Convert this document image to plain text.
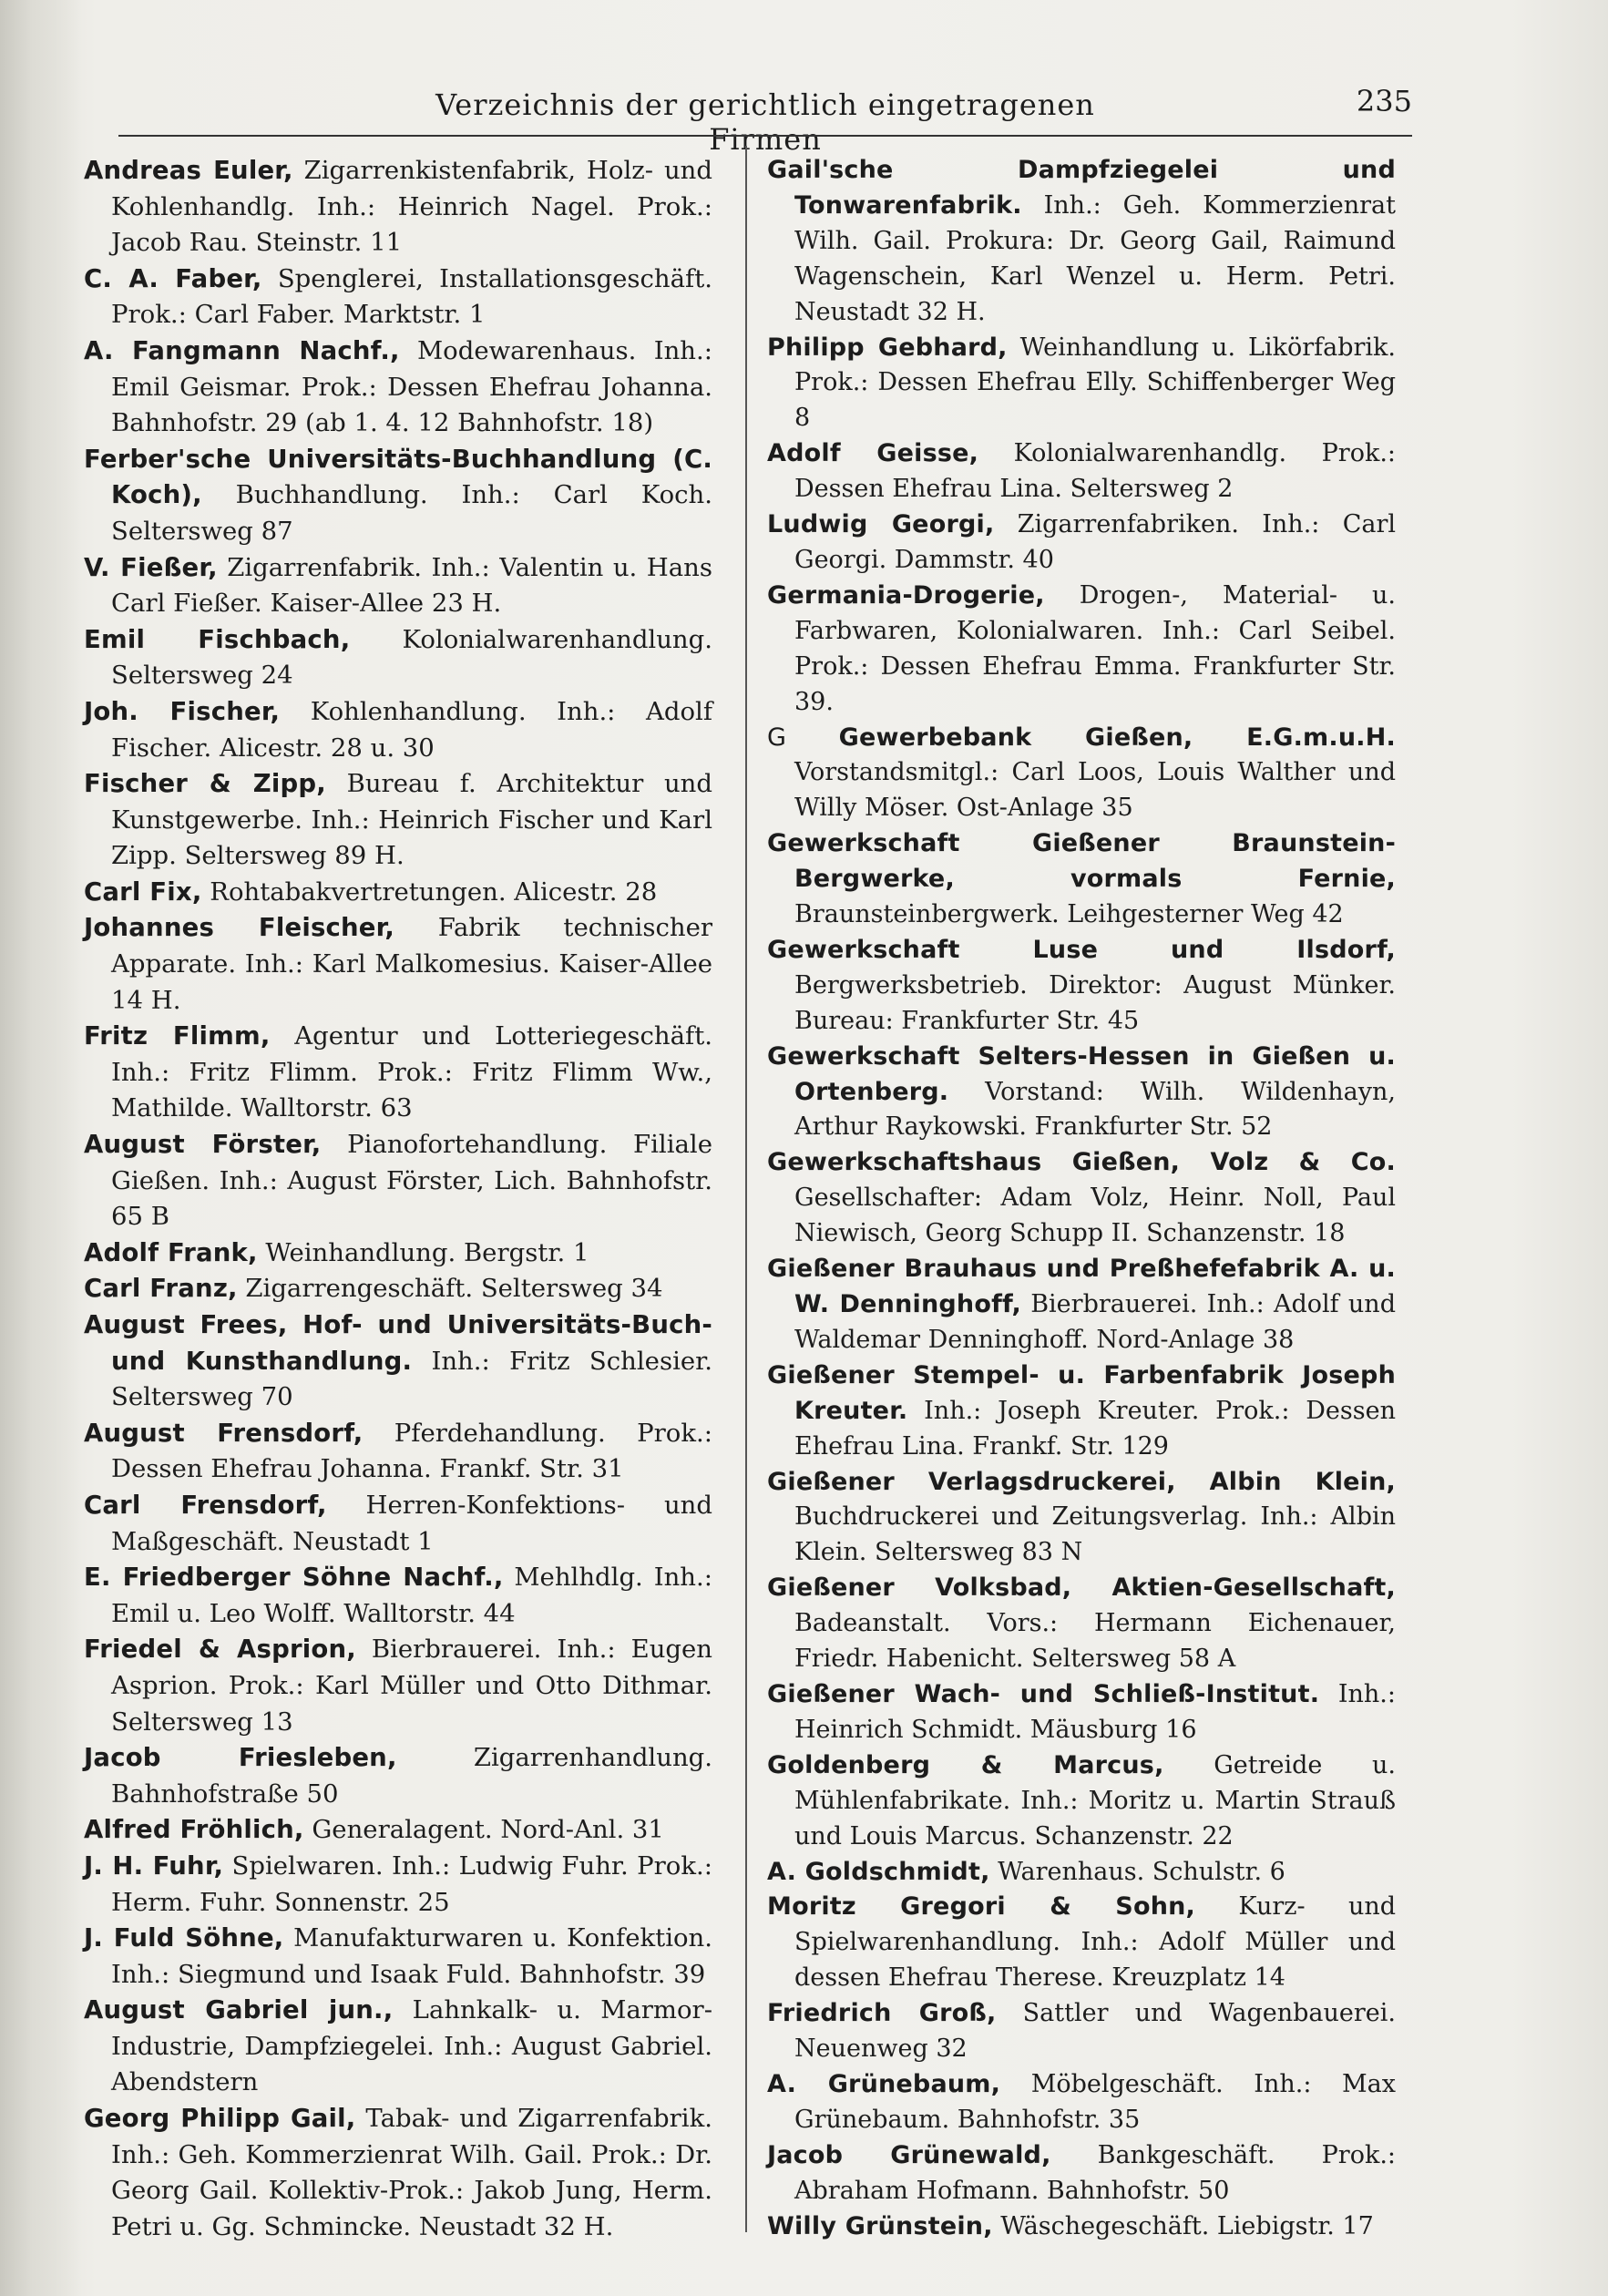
Verzeichnis der gerichtlich eingetragenen Firmen
235

Andreas Euler, Zigarrenkistenfabrik, Holz- und Kohlenhandlg. Inh.: Heinrich Nagel. Prok.: Jacob Rau. Steinstr. 11

C. A. Faber, Spenglerei, Installationsgeschäft. Prok.: Carl Faber. Marktstr. 1

A. Fangmann Nachf., Modewarenhaus. Inh.: Emil Geismar. Prok.: Dessen Ehefrau Johanna. Bahnhofstr. 29 (ab 1. 4. 12 Bahnhofstr. 18)

Ferber'sche Universitäts-Buchhandlung (C. Koch), Buchhandlung. Inh.: Carl Koch. Seltersweg 87

V. Fießer, Zigarrenfabrik. Inh.: Valentin u. Hans Carl Fießer. Kaiser-Allee 23 H.

Emil Fischbach, Kolonialwarenhandlung. Seltersweg 24

Joh. Fischer, Kohlenhandlung. Inh.: Adolf Fischer. Alicestr. 28 u. 30

Fischer & Zipp, Bureau f. Architektur und Kunstgewerbe. Inh.: Heinrich Fischer und Karl Zipp. Seltersweg 89 H.

Carl Fix, Rohtabakvertretungen. Alicestr. 28

Johannes Fleischer, Fabrik technischer Apparate. Inh.: Karl Malkomesius. Kaiser-Allee 14 H.

Fritz Flimm, Agentur und Lotteriegeschäft. Inh.: Fritz Flimm. Prok.: Fritz Flimm Ww., Mathilde. Walltorstr. 63

August Förster, Pianofortehandlung. Filiale Gießen. Inh.: August Förster, Lich. Bahnhofstr. 65 B

Adolf Frank, Weinhandlung. Bergstr. 1

Carl Franz, Zigarrengeschäft. Seltersweg 34

August Frees, Hof- und Universitäts-Buch- und Kunsthandlung. Inh.: Fritz Schlesier. Seltersweg 70

August Frensdorf, Pferdehandlung. Prok.: Dessen Ehefrau Johanna. Frankf. Str. 31

Carl Frensdorf, Herren-Konfektions- und Maßgeschäft. Neustadt 1

E. Friedberger Söhne Nachf., Mehlhdlg. Inh.: Emil u. Leo Wolff. Walltorstr. 44

Friedel & Asprion, Bierbrauerei. Inh.: Eugen Asprion. Prok.: Karl Müller und Otto Dithmar. Seltersweg 13

Jacob Friesleben, Zigarrenhandlung. Bahnhofstraße 50

Alfred Fröhlich, Generalagent. Nord-Anl. 31

J. H. Fuhr, Spielwaren. Inh.: Ludwig Fuhr. Prok.: Herm. Fuhr. Sonnenstr. 25

J. Fuld Söhne, Manufakturwaren u. Konfektion. Inh.: Siegmund und Isaak Fuld. Bahnhofstr. 39

August Gabriel jun., Lahnkalk- u. Marmor-Industrie, Dampfziegelei. Inh.: August Gabriel. Abendstern

Georg Philipp Gail, Tabak- und Zigarrenfabrik. Inh.: Geh. Kommerzienrat Wilh. Gail. Prok.: Dr. Georg Gail. Kollektiv-Prok.: Jakob Jung, Herm. Petri u. Gg. Schmincke. Neustadt 32 H.

Gail'sche Dampfziegelei und Tonwarenfabrik. Inh.: Geh. Kommerzienrat Wilh. Gail. Prokura: Dr. Georg Gail, Raimund Wagenschein, Karl Wenzel u. Herm. Petri. Neustadt 32 H.

Philipp Gebhard, Weinhandlung u. Likörfabrik. Prok.: Dessen Ehefrau Elly. Schiffenberger Weg 8

Adolf Geisse, Kolonialwarenhandlg. Prok.: Dessen Ehefrau Lina. Seltersweg 2

Ludwig Georgi, Zigarrenfabriken. Inh.: Carl Georgi. Dammstr. 40

Germania-Drogerie, Drogen-, Material- u. Farbwaren, Kolonialwaren. Inh.: Carl Seibel. Prok.: Dessen Ehefrau Emma. Frankfurter Str. 39.

G Gewerbebank Gießen, E.G.m.u.H. Vorstandsmitgl.: Carl Loos, Louis Walther und Willy Möser. Ost-Anlage 35

Gewerkschaft Gießener Braunstein-Bergwerke, vormals Fernie, Braunsteinbergwerk. Leihgesterner Weg 42

Gewerkschaft Luse und Ilsdorf, Bergwerksbetrieb. Direktor: August Münker. Bureau: Frankfurter Str. 45

Gewerkschaft Selters-Hessen in Gießen u. Ortenberg. Vorstand: Wilh. Wildenhayn, Arthur Raykowski. Frankfurter Str. 52

Gewerkschaftshaus Gießen, Volz & Co. Gesellschafter: Adam Volz, Heinr. Noll, Paul Niewisch, Georg Schupp II. Schanzenstr. 18

Gießener Brauhaus und Preßhefefabrik A. u. W. Denninghoff, Bierbrauerei. Inh.: Adolf und Waldemar Denninghoff. Nord-Anlage 38

Gießener Stempel- u. Farbenfabrik Joseph Kreuter. Inh.: Joseph Kreuter. Prok.: Dessen Ehefrau Lina. Frankf. Str. 129

Gießener Verlagsdruckerei, Albin Klein, Buchdruckerei und Zeitungsverlag. Inh.: Albin Klein. Seltersweg 83 N

Gießener Volksbad, Aktien-Gesellschaft, Badeanstalt. Vors.: Hermann Eichenauer, Friedr. Habenicht. Seltersweg 58 A

Gießener Wach- und Schließ-Institut. Inh.: Heinrich Schmidt. Mäusburg 16

Goldenberg & Marcus, Getreide u. Mühlenfabrikate. Inh.: Moritz u. Martin Strauß und Louis Marcus. Schanzenstr. 22

A. Goldschmidt, Warenhaus. Schulstr. 6

Moritz Gregori & Sohn, Kurz- und Spielwarenhandlung. Inh.: Adolf Müller und dessen Ehefrau Therese. Kreuzplatz 14

Friedrich Groß, Sattler und Wagenbauerei. Neuenweg 32

A. Grünebaum, Möbelgeschäft. Inh.: Max Grünebaum. Bahnhofstr. 35

Jacob Grünewald, Bankgeschäft. Prok.: Abraham Hofmann. Bahnhofstr. 50

Willy Grünstein, Wäschegeschäft. Liebigstr. 17
